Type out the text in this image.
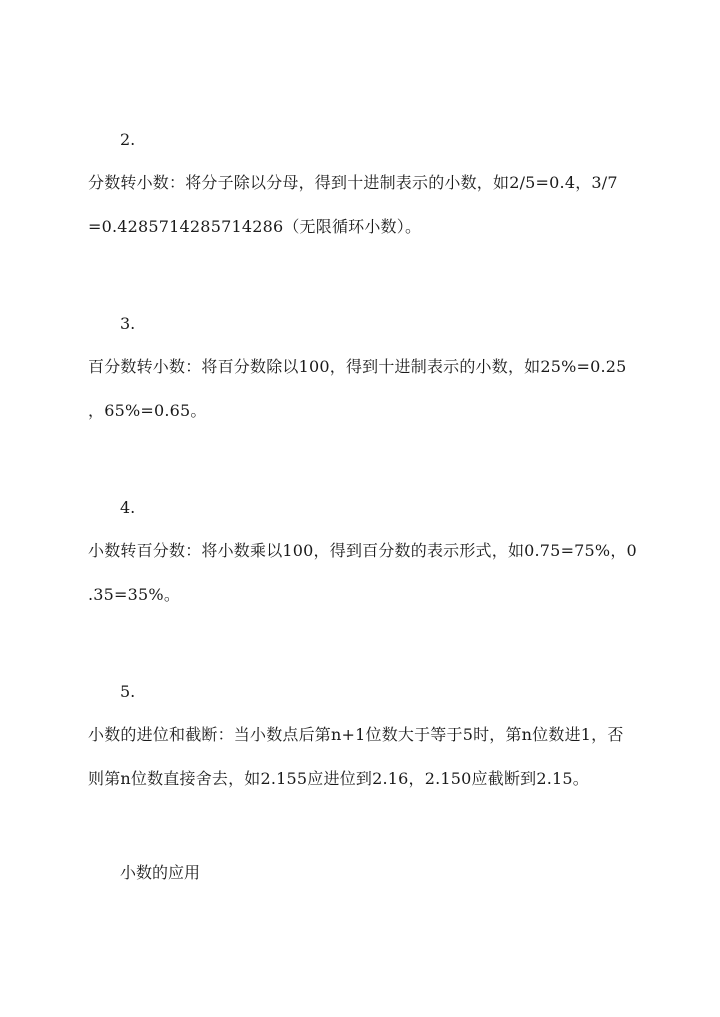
2.
分数转小数：将分子除以分母，得到十进制表示的小数，如2/5=0.4，3/7
=0.4285714285714286（无限循环小数）。
3.
百分数转小数：将百分数除以100，得到十进制表示的小数，如25%=0.25
，65%=0.65。
4.
小数转百分数：将小数乘以100，得到百分数的表示形式，如0.75=75%，0
.35=35%。
5.
小数的进位和截断：当小数点后第n+1位数大于等于5时，第n位数进1，否
则第n位数直接舍去，如2.155应进位到2.16，2.150应截断到2.15。
小数的应用
